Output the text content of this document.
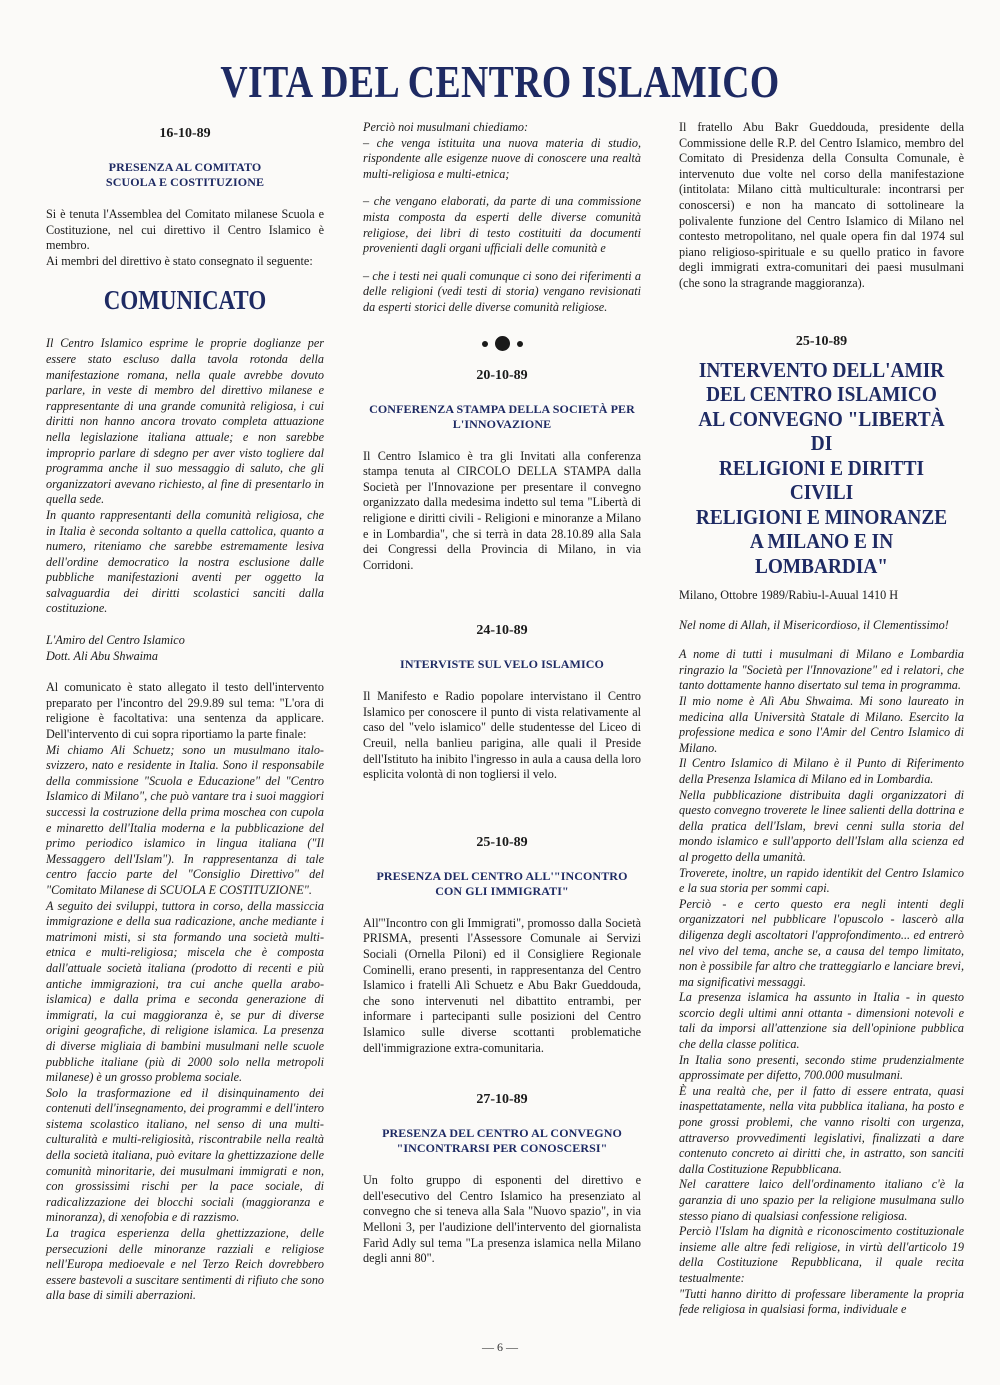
VITA DEL CENTRO ISLAMICO
16-10-89
PRESENZA AL COMITATO
SCUOLA E COSTITUZIONE

Si è tenuta l'Assemblea del Comitato milanese Scuola e Costituzione, nel cui direttivo il Centro Islamico è membro.

Ai membri del direttivo è stato consegnato il seguente:

COMUNICATO

Il Centro Islamico esprime le proprie doglianze per essere stato escluso dalla tavola rotonda della manifestazione romana, nella quale avrebbe dovuto parlare, in veste di membro del direttivo milanese e rappresentante di una grande comunità religiosa, i cui diritti non hanno ancora trovato completa attuazione nella legislazione italiana attuale; e non sarebbe improprio parlare di sdegno per aver visto togliere dal programma anche il suo messaggio di saluto, che gli organizzatori avevano richiesto, al fine di presentarlo in quella sede.

In quanto rappresentanti della comunità religiosa, che in Italia è seconda soltanto a quella cattolica, quanto a numero, riteniamo che sarebbe estremamente lesiva dell'ordine democratico la nostra esclusione dalle pubbliche manifestazioni aventi per oggetto la salvaguardia dei diritti scolastici sanciti dalla costituzione.

L'Amiro del Centro Islamico

Dott. Ali Abu Shwaima

Al comunicato è stato allegato il testo dell'intervento preparato per l'incontro del 29.9.89 sul tema: "L'ora di religione è facoltativa: una sentenza da applicare. Dell'intervento di cui sopra riportiamo la parte finale:

Mi chiamo Ali Schuetz; sono un musulmano italo-svizzero, nato e residente in Italia. Sono il responsabile della commissione "Scuola e Educazione" del "Centro Islamico di Milano", che può vantare tra i suoi maggiori successi la costruzione della prima moschea con cupola e minaretto dell'Italia moderna e la pubblicazione del primo periodico islamico in lingua italiana ("Il Messaggero dell'Islam"). In rappresentanza di tale centro faccio parte del "Consiglio Direttivo" del "Comitato Milanese di SCUOLA E COSTITUZIONE".

A seguito dei sviluppi, tuttora in corso, della massiccia immigrazione e della sua radicazione, anche mediante i matrimoni misti, si sta formando una società multi-etnica e multi-religiosa; miscela che è composta dall'attuale società italiana (prodotto di recenti e più antiche immigrazioni, tra cui anche quella arabo-islamica) e dalla prima e seconda generazione di immigrati, la cui maggioranza è, se pur di diverse origini geografiche, di religione islamica. La presenza di diverse migliaia di bambini musulmani nelle scuole pubbliche italiane (più di 2000 solo nella metropoli milanese) è un grosso problema sociale.

Solo la trasformazione ed il disinquinamento dei contenuti dell'insegnamento, dei programmi e dell'intero sistema scolastico italiano, nel senso di una multi-culturalità e multi-religiosità, riscontrabile nella realtà della società italiana, può evitare la ghettizzazione delle comunità minoritarie, dei musulmani immigrati e non, con grossissimi rischi per la pace sociale, di radicalizzazione dei blocchi sociali (maggioranza e minoranza), di xenofobia e di razzismo.

La tragica esperienza della ghettizzazione, delle persecuzioni delle minoranze razziali e religiose nell'Europa medioevale e nel Terzo Reich dovrebbero essere bastevoli a suscitare sentimenti di rifiuto che sono alla base di simili aberrazioni.

Perciò noi musulmani chiediamo:

– che venga istituita una nuova materia di studio, rispondente alle esigenze nuove di conoscere una realtà multi-religiosa e multi-etnica;

– che vengano elaborati, da parte di una commissione mista composta da esperti delle diverse comunità religiose, dei libri di testo costituiti da documenti provenienti dagli organi ufficiali delle comunità e

– che i testi nei quali comunque ci sono dei riferimenti a delle religioni (vedi testi di storia) vengano revisionati da esperti storici delle diverse comunità religiose.

20-10-89
CONFERENZA STAMPA DELLA SOCIETÀ PER
L'INNOVAZIONE

Il Centro Islamico è tra gli Invitati alla conferenza stampa tenuta al CIRCOLO DELLA STAMPA dalla Società per l'Innovazione per presentare il convegno organizzato dalla medesima indetto sul tema "Libertà di religione e diritti civili - Religioni e minoranze a Milano e in Lombardia", che si terrà in data 28.10.89 alla Sala dei Congressi della Provincia di Milano, in via Corridoni.

24-10-89
INTERVISTE SUL VELO ISLAMICO

Il Manifesto e Radio popolare intervistano il Centro Islamico per conoscere il punto di vista relativamente al caso del "velo islamico" delle studentesse del Liceo di Creuil, nella banlieu parigina, alle quali il Preside dell'Istituto ha inibito l'ingresso in aula a causa della loro esplicita volontà di non togliersi il velo.

25-10-89
PRESENZA DEL CENTRO ALL'"INCONTRO
CON GLI IMMIGRATI"

All'"Incontro con gli Immigrati", promosso dalla Società PRISMA, presenti l'Assessore Comunale ai Servizi Sociali (Ornella Piloni) ed il Consigliere Regionale Cominelli, erano presenti, in rappresentanza del Centro Islamico i fratelli Alì Schuetz e Abu Bakr Gueddouda, che sono intervenuti nel dibattito entrambi, per informare i partecipanti sulle posizioni del Centro Islamico sulle diverse scottanti problematiche dell'immigrazione extra-comunitaria.

27-10-89
PRESENZA DEL CENTRO AL CONVEGNO
"INCONTRARSI PER CONOSCERSI"

Un folto gruppo di esponenti del direttivo e dell'esecutivo del Centro Islamico ha presenziato al convegno che si teneva alla Sala "Nuovo spazio", in via Melloni 3, per l'audizione dell'intervento del giornalista Farìd Adly sul tema "La presenza islamica nella Milano degli anni 80".

Il fratello Abu Bakr Gueddouda, presidente della Commissione delle R.P. del Centro Islamico, membro del Comitato di Presidenza della Consulta Comunale, è intervenuto due volte nel corso della manifestazione (intitolata: Milano città multiculturale: incontrarsi per conoscersi) e non ha mancato di sottolineare la polivalente funzione del Centro Islamico di Milano nel contesto metropolitano, nel quale opera fin dal 1974 sul piano religioso-spirituale e su quello pratico in favore degli immigrati extra-comunitari dei paesi musulmani (che sono la stragrande maggioranza).

25-10-89
INTERVENTO DELL'AMIR
DEL CENTRO ISLAMICO
AL CONVEGNO "LIBERTÀ DI
RELIGIONI E DIRITTI CIVILI
RELIGIONI E MINORANZE
A MILANO E IN LOMBARDIA"

Milano, Ottobre 1989/Rabìu-l-Auual 1410 H

Nel nome di Allah, il Misericordioso, il Clementissimo!

A nome di tutti i musulmani di Milano e Lombardia ringrazio la "Società per l'Innovazione" ed i relatori, che tanto dottamente hanno disertato sul tema in programma.

Il mio nome è Alì Abu Shwaima. Mi sono laureato in medicina alla Università Statale di Milano. Esercito la professione medica e sono l'Amir del Centro Islamico di Milano.

Il Centro Islamico di Milano è il Punto di Riferimento della Presenza Islamica di Milano ed in Lombardia.

Nella pubblicazione distribuita dagli organizzatori di questo convegno troverete le linee salienti della dottrina e della pratica dell'Islam, brevi cenni sulla storia del mondo islamico e sull'apporto dell'Islam alla scienza ed al progetto della umanità.

Troverete, inoltre, un rapido identikit del Centro Islamico e la sua storia per sommi capi.

Perciò - e certo questo era negli intenti degli organizzatori nel pubblicare l'opuscolo - lascerò alla diligenza degli ascoltatori l'approfondimento... ed entrerò nel vivo del tema, anche se, a causa del tempo limitato, non è possibile far altro che tratteggiarlo e lanciare brevi, ma significativi messaggi.

La presenza islamica ha assunto in Italia - in questo scorcio degli ultimi anni ottanta - dimensioni notevoli e tali da imporsi all'attenzione sia dell'opinione pubblica che della classe politica.

In Italia sono presenti, secondo stime prudenzialmente approssimate per difetto, 700.000 musulmani.

È una realtà che, per il fatto di essere entrata, quasi inaspettatamente, nella vita pubblica italiana, ha posto e pone grossi problemi, che vanno risolti con urgenza, attraverso provvedimenti legislativi, finalizzati a dare contenuto concreto ai diritti che, in astratto, son sanciti dalla Costituzione Repubblicana.

Nel carattere laico dell'ordinamento italiano c'è la garanzia di uno spazio per la religione musulmana sullo stesso piano di qualsiasi confessione religiosa.

Perciò l'Islam ha dignità e riconoscimento costituzionale insieme alle altre fedi religiose, in virtù dell'articolo 19 della Costituzione Repubblicana, il quale recita testualmente:

"Tutti hanno diritto di professare liberamente la propria fede religiosa in qualsiasi forma, individuale e

— 6 —
